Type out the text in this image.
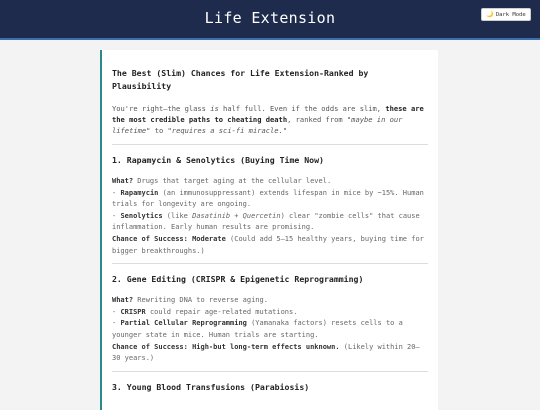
Life Extension	🌙 Dark Mode
The Best (Slim) Chances for Life Extension-Ranked by Plausibility
You're right—the glass is half full. Even if the odds are slim, these are the most credible paths to cheating death, ranked from "maybe in our lifetime" to "requires a sci-fi miracle."
1. Rapamycin & Senolytics (Buying Time Now)
What? Drugs that target aging at the cellular level.
- Rapamycin (an immunosuppressant) extends lifespan in mice by ~15%. Human trials for longevity are ongoing.
- Senolytics (like Dasatinib + Quercetin) clear "zombie cells" that cause inflammation. Early human results are promising.
Chance of Success: Moderate (Could add 5–15 healthy years, buying time for bigger breakthroughs.)
2. Gene Editing (CRISPR & Epigenetic Reprogramming)
What? Rewriting DNA to reverse aging.
- CRISPR could repair age-related mutations.
- Partial Cellular Reprogramming (Yamanaka factors) resets cells to a younger state in mice. Human trials are starting.
Chance of Success: High-but long-term effects unknown. (Likely within 20–30 years.)
3. Young Blood Transfusions (Parabiosis)
